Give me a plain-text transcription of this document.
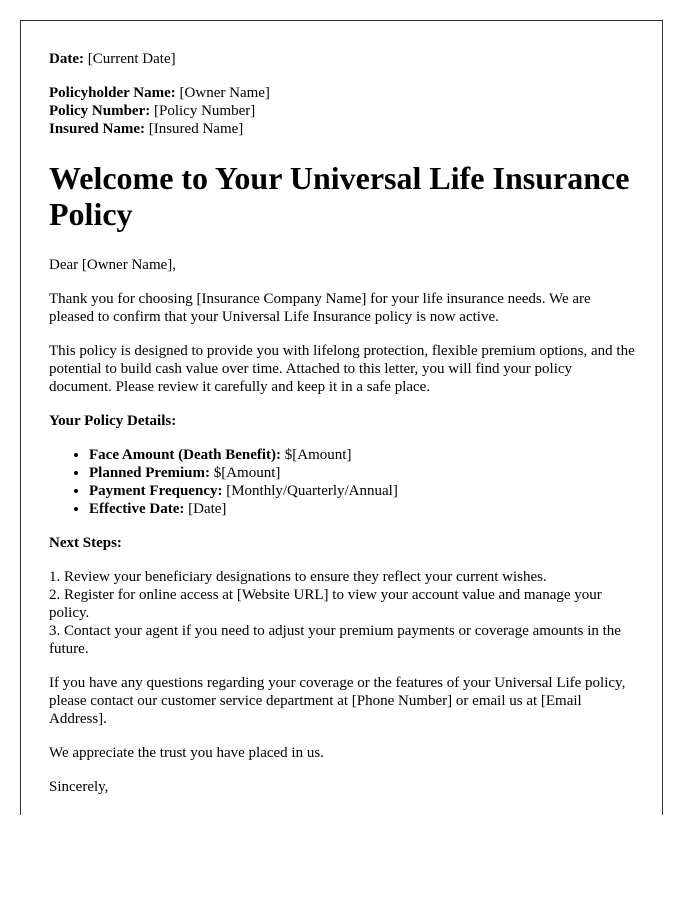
Date: [Current Date]

Policyholder Name: [Owner Name]
Policy Number: [Policy Number]
Insured Name: [Insured Name]

Welcome to Your Universal Life Insurance Policy

Dear [Owner Name],

Thank you for choosing [Insurance Company Name] for your life insurance needs. We are pleased to confirm that your Universal Life Insurance policy is now active.

This policy is designed to provide you with lifelong protection, flexible premium options, and the potential to build cash value over time. Attached to this letter, you will find your policy document. Please review it carefully and keep it in a safe place.

Your Policy Details:

• Face Amount (Death Benefit): $[Amount]
• Planned Premium: $[Amount]
• Payment Frequency: [Monthly/Quarterly/Annual]
• Effective Date: [Date]

Next Steps:

1. Review your beneficiary designations to ensure they reflect your current wishes.
2. Register for online access at [Website URL] to view your account value and manage your policy.
3. Contact your agent if you need to adjust your premium payments or coverage amounts in the future.

If you have any questions regarding your coverage or the features of your Universal Life policy, please contact our customer service department at [Phone Number] or email us at [Email Address].

We appreciate the trust you have placed in us.

Sincerely,
